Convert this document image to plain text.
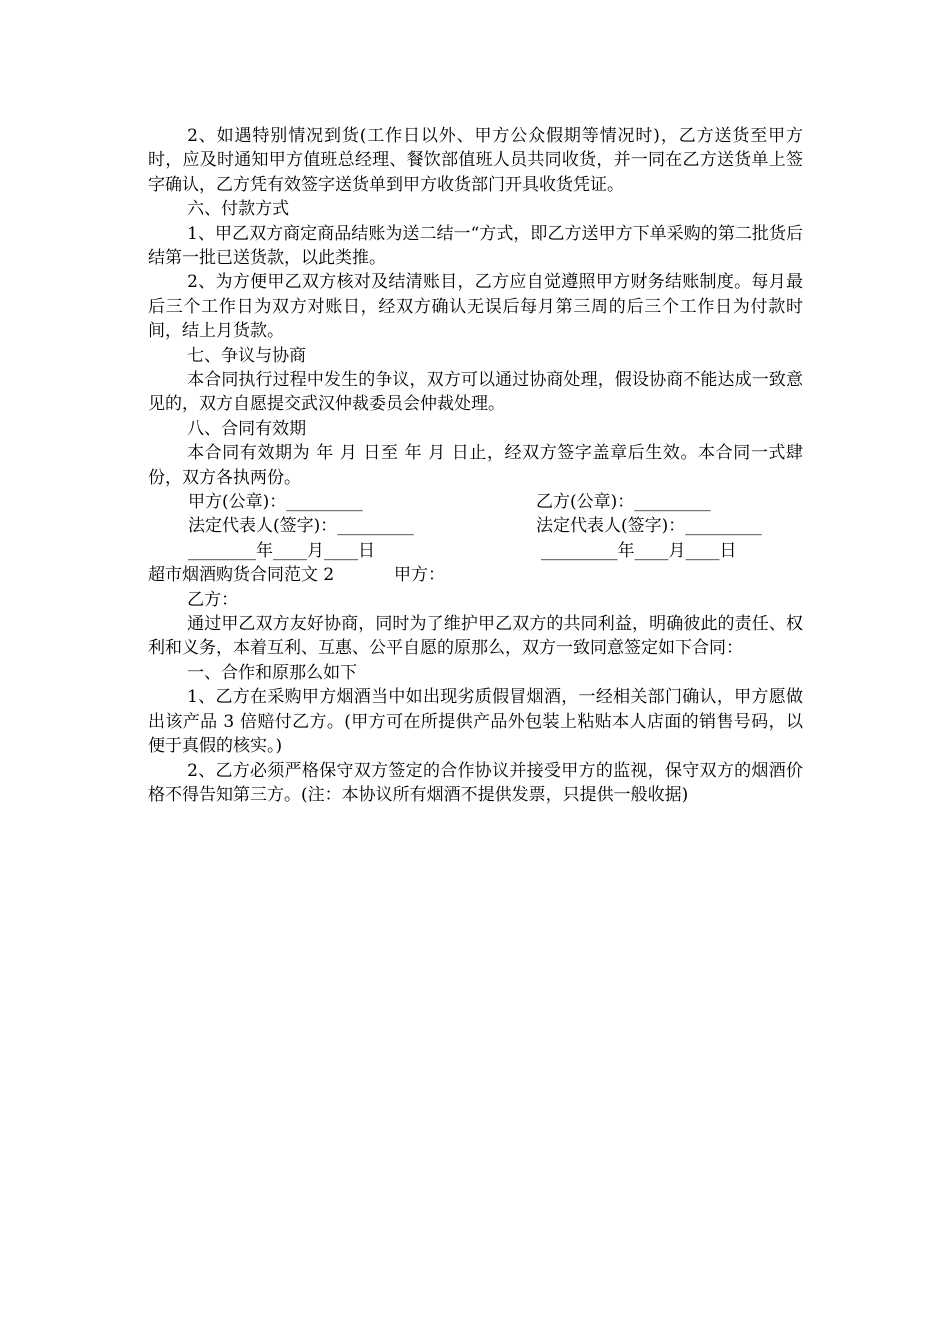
2、如遇特别情况到货(工作日以外、甲方公众假期等情况时)，乙方送货至甲方时，应及时通知甲方值班总经理、餐饮部值班人员共同收货，并一同在乙方送货单上签字确认，乙方凭有效签字送货单到甲方收货部门开具收货凭证。

六、付款方式

1、甲乙双方商定商品结账为送二结一“方式，即乙方送甲方下单采购的第二批货后结第一批已送货款，以此类推。

2、为方便甲乙双方核对及结清账目，乙方应自觉遵照甲方财务结账制度。每月最后三个工作日为双方对账日，经双方确认无误后每月第三周的后三个工作日为付款时间，结上月货款。

七、争议与协商

本合同执行过程中发生的争议，双方可以通过协商处理，假设协商不能达成一致意见的，双方自愿提交武汉仲裁委员会仲裁处理。

八、合同有效期

本合同有效期为 年 月 日至 年 月 日止，经双方签字盖章后生效。本合同一式肆份，双方各执两份。

甲方(公章)：_________	乙方(公章)：_________
法定代表人(签字)：_________	法定代表人(签字)：_________
________年____月____日	_________年____月____日
超市烟酒购货合同范文 2	甲方：

乙方：

通过甲乙双方友好协商，同时为了维护甲乙双方的共同利益，明确彼此的责任、权利和义务，本着互利、互惠、公平自愿的原那么，双方一致同意签定如下合同：

一、合作和原那么如下

1、乙方在采购甲方烟酒当中如出现劣质假冒烟酒，一经相关部门确认，甲方愿做出该产品 3 倍赔付乙方。(甲方可在所提供产品外包装上粘贴本人店面的销售号码，以便于真假的核实。)

2、乙方必须严格保守双方签定的合作协议并接受甲方的监视，保守双方的烟酒价格不得告知第三方。(注：本协议所有烟酒不提供发票，只提供一般收据)
